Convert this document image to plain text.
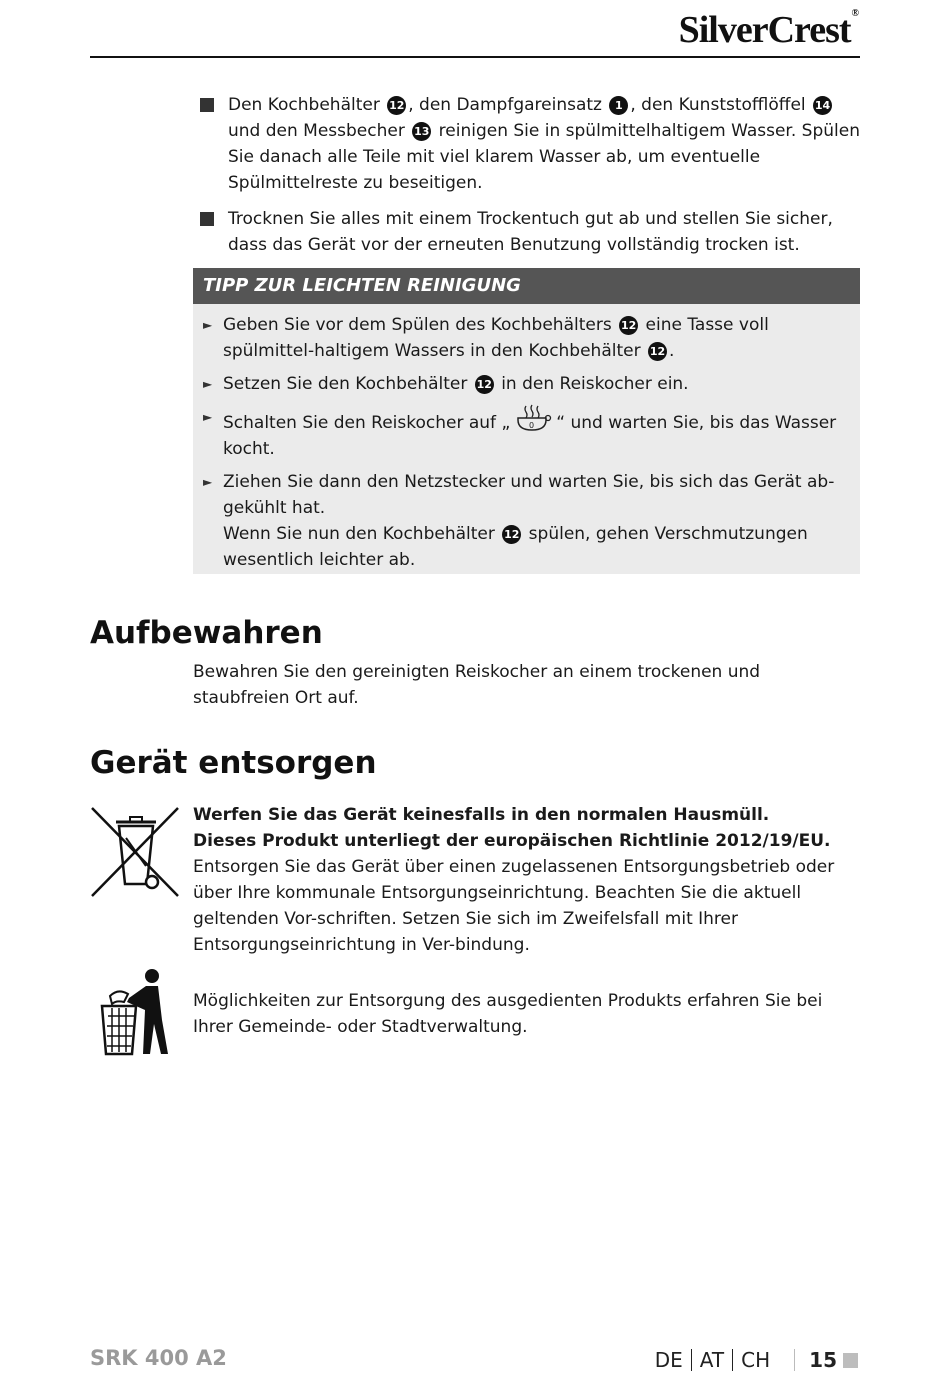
SilverCrest®
Den Kochbehälter 12 , den Dampfgareinsatz 1 , den Kunststofflöffel 14 und den Messbecher 13 reinigen Sie in spülmittelhaltigem Wasser. Spülen Sie danach alle Teile mit viel klarem Wasser ab, um eventuelle Spülmittelreste zu beseitigen.
Trocknen Sie alles mit einem Trockentuch gut ab und stellen Sie sicher, dass das Gerät vor der erneuten Benutzung vollständig trocken ist.
TIPP ZUR LEICHTEN REINIGUNG
► Geben Sie vor dem Spülen des Kochbehälters 12 eine Tasse voll spülmittel-haltigem Wassers in den Kochbehälter 12 .
► Setzen Sie den Kochbehälter 12 in den Reiskocher ein.
► Schalten Sie den Reiskocher auf „ 0 “ und warten Sie, bis das Wasser kocht.
► Ziehen Sie dann den Netzstecker und warten Sie, bis sich das Gerät ab-gekühlt hat.
Wenn Sie nun den Kochbehälter 12 spülen, gehen Verschmutzungen wesentlich leichter ab.
Aufbewahren

Bewahren Sie den gereinigten Reiskocher an einem trockenen und staubfreien Ort auf.

Gerät entsorgen

Werfen Sie das Gerät keinesfalls in den normalen Hausmüll.
Dieses Produkt unterliegt der europäischen Richtlinie 2012/19/EU.
Entsorgen Sie das Gerät über einen zugelassenen Entsorgungsbetrieb oder über Ihre kommunale Entsorgungseinrichtung. Beachten Sie die aktuell geltenden Vor-schriften. Setzen Sie sich im Zweifelsfall mit Ihrer Entsorgungseinrichtung in Ver-bindung.

Möglichkeiten zur Entsorgung des ausgedienten Produkts erfahren Sie bei Ihrer Gemeinde- oder Stadtverwaltung.

SRK 400 A2	DE AT CH 15
